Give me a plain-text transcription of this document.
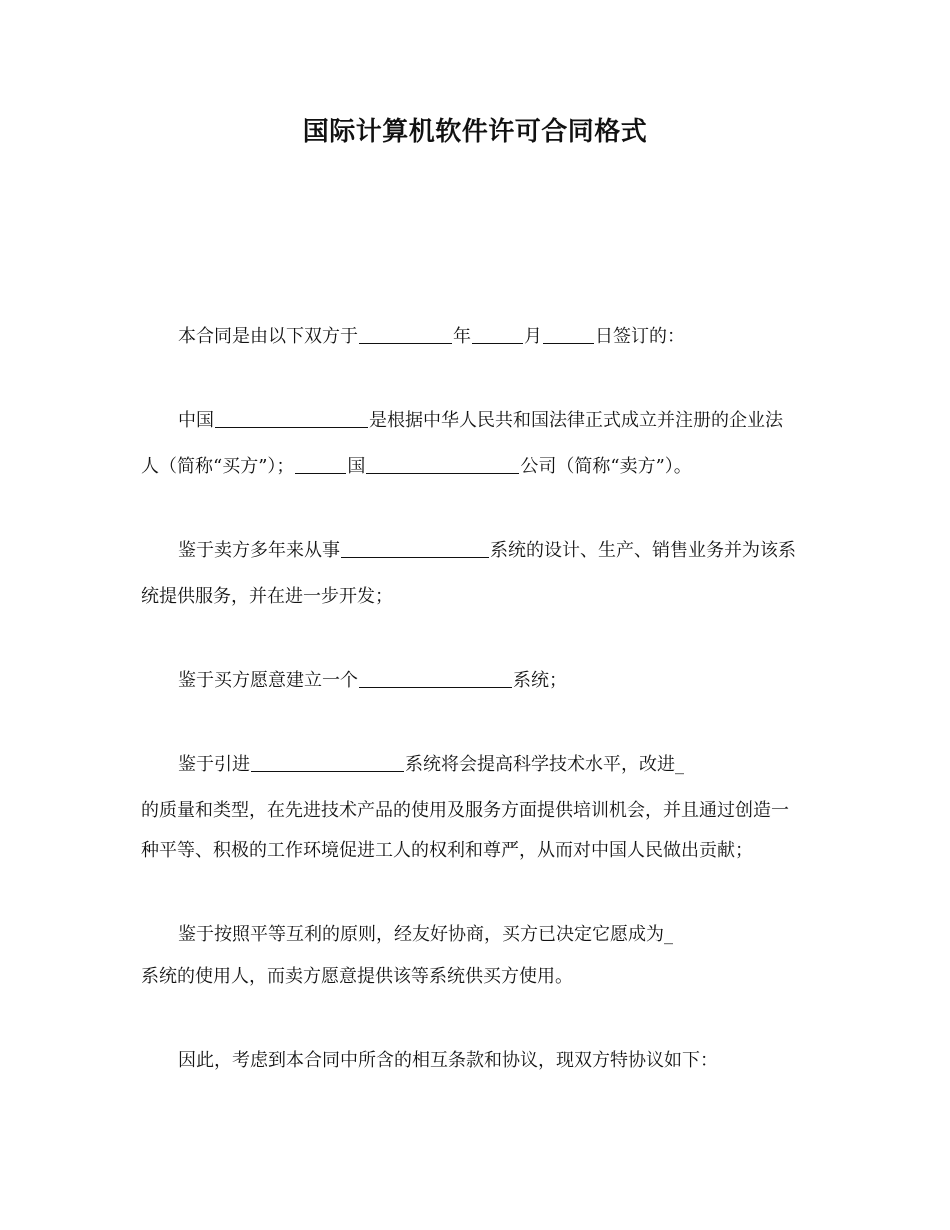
国际计算机软件许可合同格式
本合同是由以下双方于	年	月	日签订的：
中国	是根据中华人民共和国法律正式成立并注册的企业法
人（简称“买方”）；	国	公司（简称“卖方”）。
鉴于卖方多年来从事	系统的设计、生产、销售业务并为该系
统提供服务，并在进一步开发；
鉴于买方愿意建立一个	系统；
鉴于引进	系统将会提高科学技术水平，改进_
的质量和类型，在先进技术产品的使用及服务方面提供培训机会，并且通过创造一
种平等、积极的工作环境促进工人的权利和尊严，从而对中国人民做出贡献；
鉴于按照平等互利的原则，经友好协商，买方已决定它愿成为_
系统的使用人，而卖方愿意提供该等系统供买方使用。
因此，考虑到本合同中所含的相互条款和协议，现双方特协议如下：
